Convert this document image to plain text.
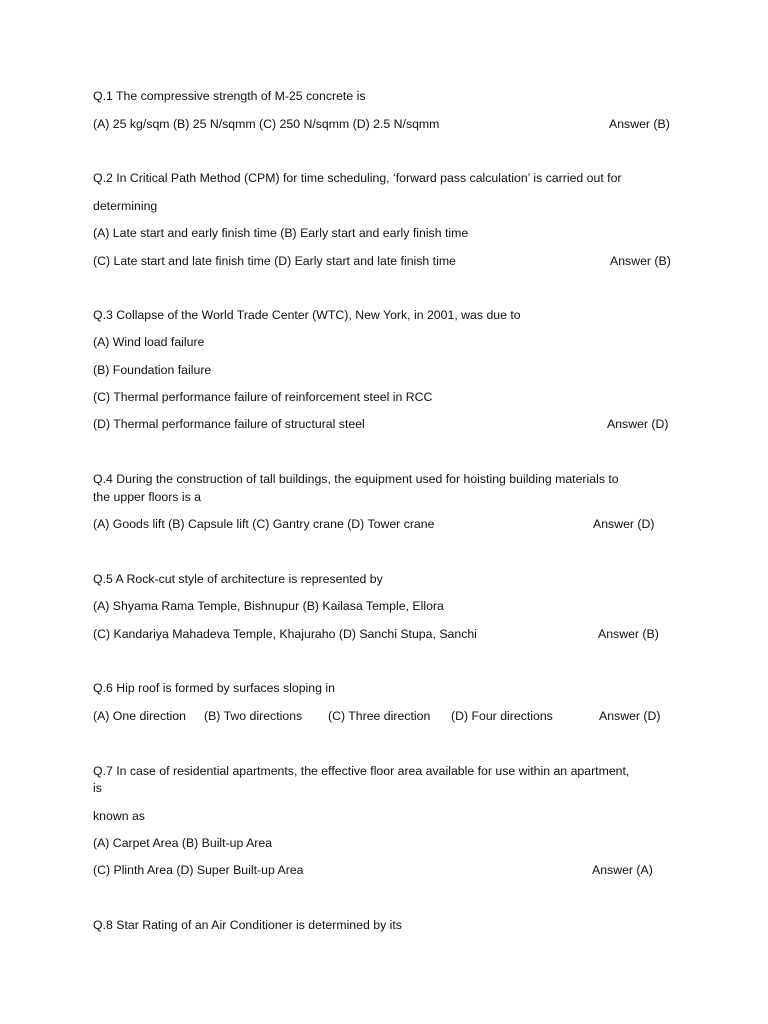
Q.1 The compressive strength of M-25 concrete is
(A) 25 kg/sqm (B) 25 N/sqmm (C) 250 N/sqmm (D) 2.5 N/sqmm	Answer (B)
Q.2 In Critical Path Method (CPM) for time scheduling, ‘forward pass calculation’ is carried out for
determining
(A) Late start and early finish time (B) Early start and early finish time
(C) Late start and late finish time (D) Early start and late finish time	Answer (B)
Q.3 Collapse of the World Trade Center (WTC), New York, in 2001, was due to
(A) Wind load failure
(B) Foundation failure
(C) Thermal performance failure of reinforcement steel in RCC
(D) Thermal performance failure of structural steel	Answer (D)
Q.4 During the construction of tall buildings, the equipment used for hoisting building materials to
the upper floors is a
(A) Goods lift (B) Capsule lift (C) Gantry crane (D) Tower crane	Answer (D)
Q.5 A Rock-cut style of architecture is represented by
(A) Shyama Rama Temple, Bishnupur (B) Kailasa Temple, Ellora
(C) Kandariya Mahadeva Temple, Khajuraho (D) Sanchi Stupa, Sanchi	Answer (B)
Q.6 Hip roof is formed by surfaces sloping in
(A) One direction (B) Two directions (C) Three direction (D) Four directions	Answer (D)
Q.7 In case of residential apartments, the effective floor area available for use within an apartment,
is
known as
(A) Carpet Area (B) Built-up Area
(C) Plinth Area (D) Super Built-up Area	Answer (A)
Q.8 Star Rating of an Air Conditioner is determined by its
